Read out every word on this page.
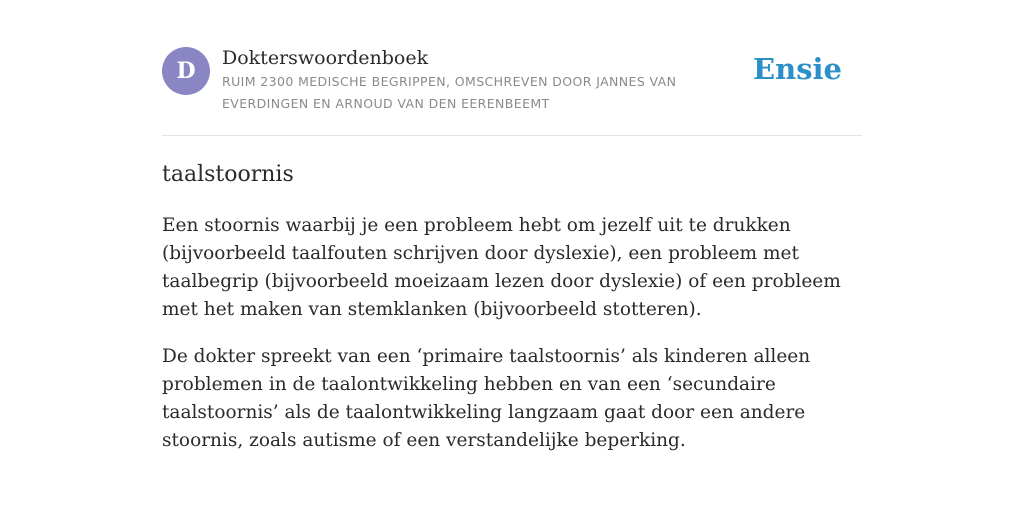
D	Dokterswoordenboek
RUIM 2300 MEDISCHE BEGRIPPEN, OMSCHREVEN DOOR JANNES VAN EVERDINGEN EN ARNOUD VAN DEN EERENBEEMT
Ensie
taalstoornis

Een stoornis waarbij je een probleem hebt om jezelf uit te drukken (bijvoorbeeld taalfouten schrijven door dyslexie), een probleem met taalbegrip (bijvoorbeeld moeizaam lezen door dyslexie) of een probleem met het maken van stemklanken (bijvoorbeeld stotteren).

De dokter spreekt van een ‘primaire taalstoornis’ als kinderen alleen problemen in de taalontwikkeling hebben en van een ‘secundaire taalstoornis’ als de taalontwikkeling langzaam gaat door een andere stoornis, zoals autisme of een verstandelijke beperking.
